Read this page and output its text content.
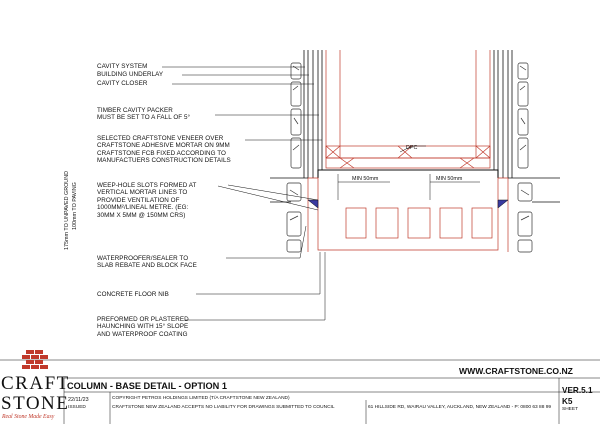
CAVITY SYSTEM
BUILDING UNDERLAY
CAVITY CLOSER
TIMBER CAVITY PACKER
MUST BE SET TO A FALL OF 5°
SELECTED CRAFTSTONE VENEER OVER
CRAFTSTONE ADHESIVE MORTAR ON 9MM
CRAFTSTONE FCB FIXED ACCORDING TO
MANUFACTUERS CONSTRUCTION DETAILS
WEEP-HOLE SLOTS FORMED AT
VERTICAL MORTAR LINES TO
PROVIDE VENTILATION OF
1000MM²/LINEAL METRE. (EG:
30MM X 5MM @ 150MM CRS)
WATERPROOFER/SEALER TO
SLAB REBATE AND BLOCK FACE
CONCRETE FLOOR NIB
PREFORMED OR PLASTERED
HAUNCHING WITH 15° SLOPE
AND WATERPROOF COATING
DPC
MIN 50mm	MIN 50mm
175mm TO UNPAVED GROUND 100mm TO PAVING
COLUMN - BASE DETAIL - OPTION 1
WWW.CRAFTSTONE.CO.NZ
VER.5.1
K5
SHEET
22/11/23
ISSUED
COPYRIGHT PETROS HOLDINGS LIMITED (T/A CRAFTSTONE NEW ZEALAND)
CRAFTSTONE NEW ZEALAND ACCEPTS NO LIABILITY FOR DRAWINGS SUBMITTED TO COUNCIL	61 HILLSIDE RD, WAIRAU VALLEY, AUCKLAND, NEW ZEALAND - P: 0800 63 88 99
CRAFT
STONE
Real Stone Made Easy
